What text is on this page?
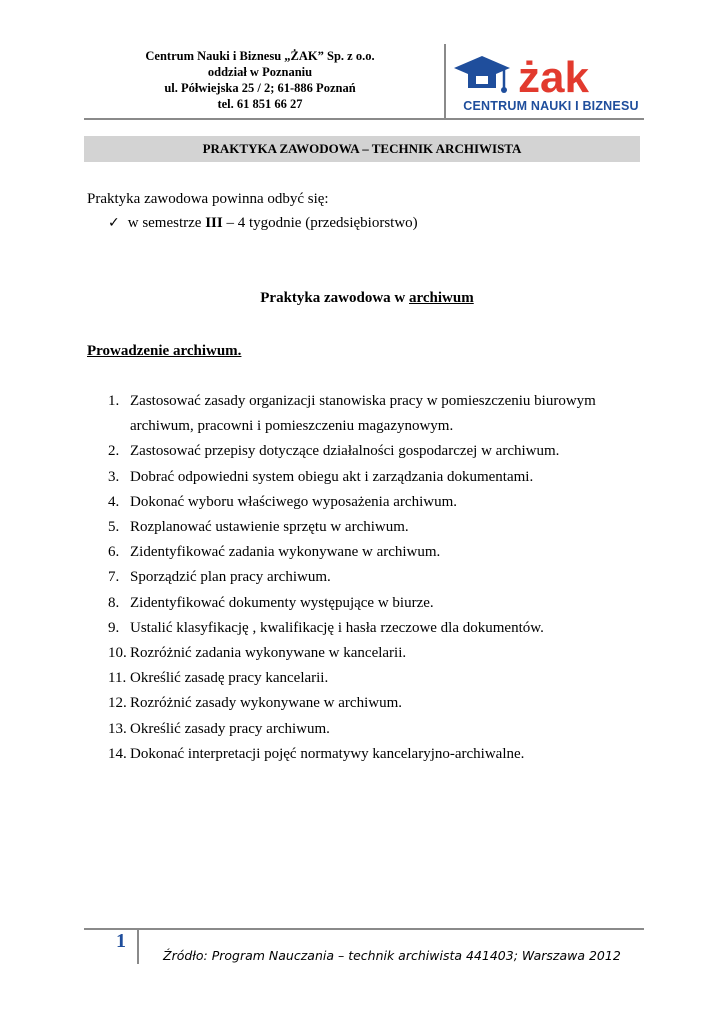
Centrum Nauki i Biznesu „ŻAK” Sp. z o.o.
oddział w Poznaniu
ul. Półwiejska 25 / 2; 61-886 Poznań
tel. 61 851 66 27
żak
CENTRUM NAUKI I BIZNESU
PRAKTYKA ZAWODOWA – TECHNIK ARCHIWISTA
Praktyka zawodowa powinna odbyć się:
✓ w semestrze III – 4 tygodnie (przedsiębiorstwo)
Praktyka zawodowa w archiwum
Prowadzenie archiwum.
1. Zastosować zasady organizacji stanowiska pracy w pomieszczeniu biurowym
archiwum, pracowni i pomieszczeniu magazynowym.
2. Zastosować przepisy dotyczące działalności gospodarczej w archiwum.
3. Dobrać odpowiedni system obiegu akt i zarządzania dokumentami.
4. Dokonać wyboru właściwego wyposażenia archiwum.
5. Rozplanować ustawienie sprzętu w archiwum.
6. Zidentyfikować zadania wykonywane w archiwum.
7. Sporządzić plan pracy archiwum.
8. Zidentyfikować dokumenty występujące w biurze.
9. Ustalić klasyfikację , kwalifikację i hasła rzeczowe dla dokumentów.
10. Rozróżnić zadania wykonywane w kancelarii.
11. Określić zasadę pracy kancelarii.
12. Rozróżnić zasady wykonywane w archiwum.
13. Określić zasady pracy archiwum.
14. Dokonać interpretacji pojęć normatywy kancelaryjno-archiwalne.
1
Źródło: Program Nauczania – technik archiwista 441403; Warszawa 2012
